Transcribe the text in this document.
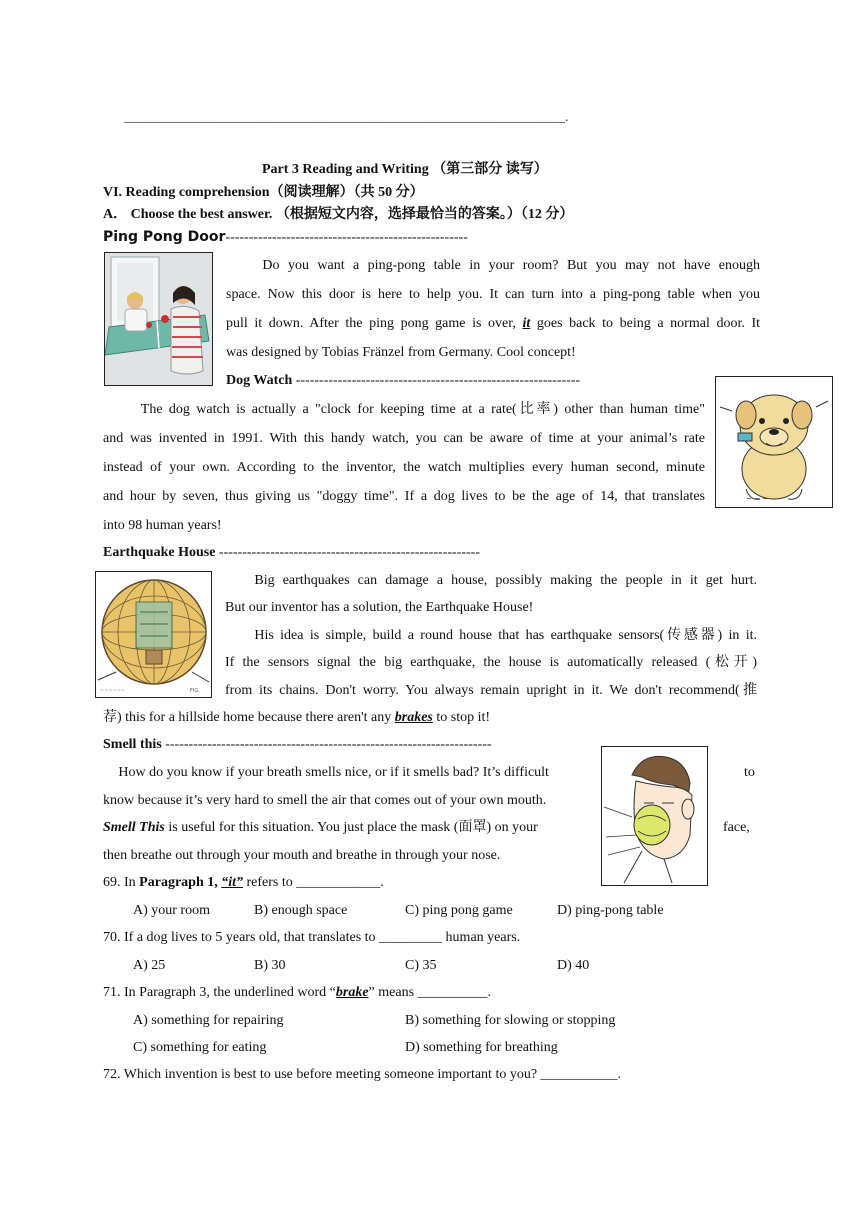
_______________________________________________________________.
Part 3 Reading and Writing （第三部分 读写）
VI. Reading comprehension（阅读理解）（共 50 分）
A． Choose the best answer. （根据短文内容，选择最恰当的答案。）（12 分）
Ping Pong Door----------------------------------------------------
Do you want a ping-pong table in your room? But you may not have enough
space. Now this door is here to help you. It can turn into a ping-pong table when you
pull it down. After the ping pong game is over, it goes back to being a normal door. It
was designed by Tobias Fränzel from Germany. Cool concept!
Dog Watch -------------------------------------------------------------
~ ~ ~
The dog watch is actually a "clock for keeping time at a rate(比率) other than human time"
and was invented in 1991. With this handy watch, you can be aware of time at your animal’s rate
instead of your own. According to the inventor, the watch multiplies every human second, minute
and hour by seven, thus giving us "doggy time". If a dog lives to be the age of 14, that translates
into 98 human years!
Earthquake House --------------------------------------------------------
~~~~~~	FIG.
Big earthquakes can damage a house, possibly making the people in it get hurt.
But our inventor has a solution, the Earthquake House!
His idea is simple, build a round house that has earthquake sensors(传感器) in it.
If the sensors signal the big earthquake, the house is automatically released (松开)
from its chains. Don't worry. You always remain upright in it. We don't recommend(推
荐) this for a hillside home because there aren't any brakes to stop it!
Smell this ----------------------------------------------------------------------
How do you know if your breath smells nice, or if it smells bad? It’s difficult	to
know because it’s very hard to smell the air that comes out of your own mouth.
Smell This is useful for this situation. You just place the mask (面罩) on your	face,
then breathe out through your mouth and breathe in through your nose.
69. In Paragraph 1, “it” refers to ____________.
A) your room	B) enough space	C) ping pong game	D) ping-pong table
70. If a dog lives to 5 years old, that translates to _________ human years.
A) 25	B) 30	C) 35	D) 40
71. In Paragraph 3, the underlined word “brake” means __________.
A) something for repairing	B) something for slowing or stopping
C) something for eating	D) something for breathing
72. Which invention is best to use before meeting someone important to you? ___________.
